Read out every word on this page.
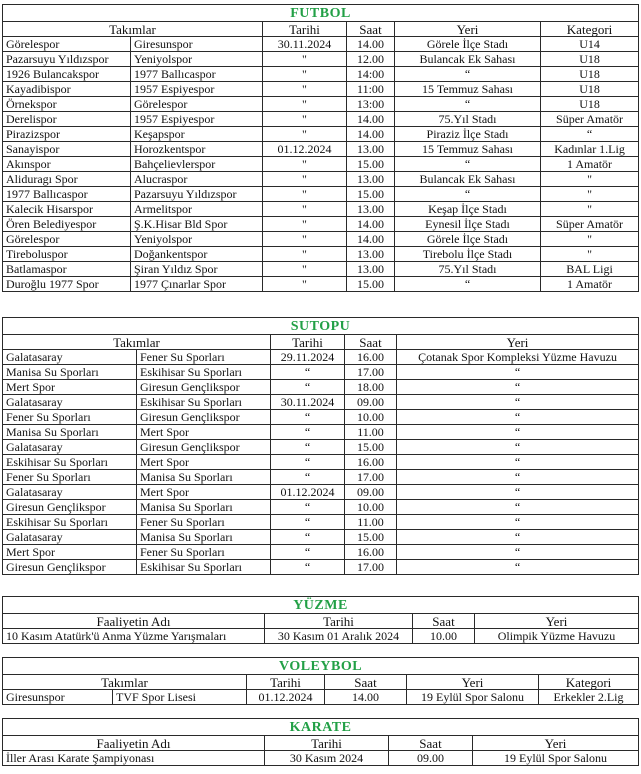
FUTBOL					
Takımlar		Tarihi	Saat	Yeri	Kategori
Görelespor	Giresunspor	30.11.2024	14.00	Görele İlçe Stadı	U14
Pazarsuyu Yıldızspor	Yeniyolspor	"	12.00	Bulancak Ek Sahası	U18
1926 Bulancakspor	1977 Ballıcaspor	"	14:00	“	U18
Kayadibispor	1957 Espiyespor	"	11:00	15 Temmuz Sahası	U18
Örnekspor	Görelespor	"	13:00	“	U18
Derelispor	1957 Espiyespor	"	14.00	75.Yıl Stadı	Süper Amatör
Pirazizspor	Keşapspor	"	14.00	Piraziz İlçe Stadı	“
Sanayispor	Horozkentspor	01.12.2024	13.00	15 Temmuz Sahası	Kadınlar 1.Lig
Akınspor	Bahçelievlerspor	"	15.00	“	1 Amatör
Aliduragı Spor	Alucraspor	"	13.00	Bulancak Ek Sahası	"
1977 Ballıcaspor	Pazarsuyu Yıldızspor	"	15.00	“	"
Kalecik Hisarspor	Armelitspor	"	13.00	Keşap İlçe Stadı	"
Ören Belediyespor	Ş.K.Hisar Bld Spor	"	14.00	Eynesil İlçe Stadı	Süper Amatör
Görelespor	Yeniyolspor	"	14.00	Görele İlçe Stadı	"
Tireboluspor	Doğankentspor	"	13.00	Tirebolu İlçe Stadı	"
Batlamaspor	Şiran Yıldız Spor	"	13.00	75.Yıl Stadı	BAL Ligi
Duroğlu 1977 Spor	1977 Çınarlar Spor	"	15.00	“	1 Amatör
SUTOPU				
Takımlar		Tarihi	Saat	Yeri
Galatasaray	Fener Su Sporları	29.11.2024	16.00	Çotanak Spor Kompleksi Yüzme Havuzu
Manisa Su Sporları	Eskihisar Su Sporları	“	17.00	“
Mert Spor	Giresun Gençlikspor	“	18.00	“
Galatasaray	Eskihisar Su Sporları	30.11.2024	09.00	“
Fener Su Sporları	Giresun Gençlikspor	“	10.00	“
Manisa Su Sporları	Mert Spor	“	11.00	“
Galatasaray	Giresun Gençlikspor	“	15.00	“
Eskihisar Su Sporları	Mert Spor	“	16.00	“
Fener Su Sporları	Manisa Su Sporları	“	17.00	“
Galatasaray	Mert Spor	01.12.2024	09.00	“
Giresun Gençlikspor	Manisa Su Sporları	“	10.00	“
Eskihisar Su Sporları	Fener Su Sporları	“	11.00	“
Galatasaray	Manisa Su Sporları	“	15.00	“
Mert Spor	Fener Su Sporları	“	16.00	“
Giresun Gençlikspor	Eskihisar Su Sporları	“	17.00	“
YÜZME			
Faaliyetin Adı	Tarihi	Saat	Yeri
10 Kasım Atatürk'ü Anma Yüzme Yarışmaları	30 Kasım 01 Aralık 2024	10.00	Olimpik Yüzme Havuzu
VOLEYBOL					
Takımlar		Tarihi	Saat	Yeri	Kategori
Giresunspor	TVF Spor Lisesi	01.12.2024	14.00	19 Eylül Spor Salonu	Erkekler 2.Lig
KARATE			
Faaliyetin Adı	Tarihi	Saat	Yeri
İller Arası Karate Şampiyonası	30 Kasım 2024	09.00	19 Eylül Spor Salonu
